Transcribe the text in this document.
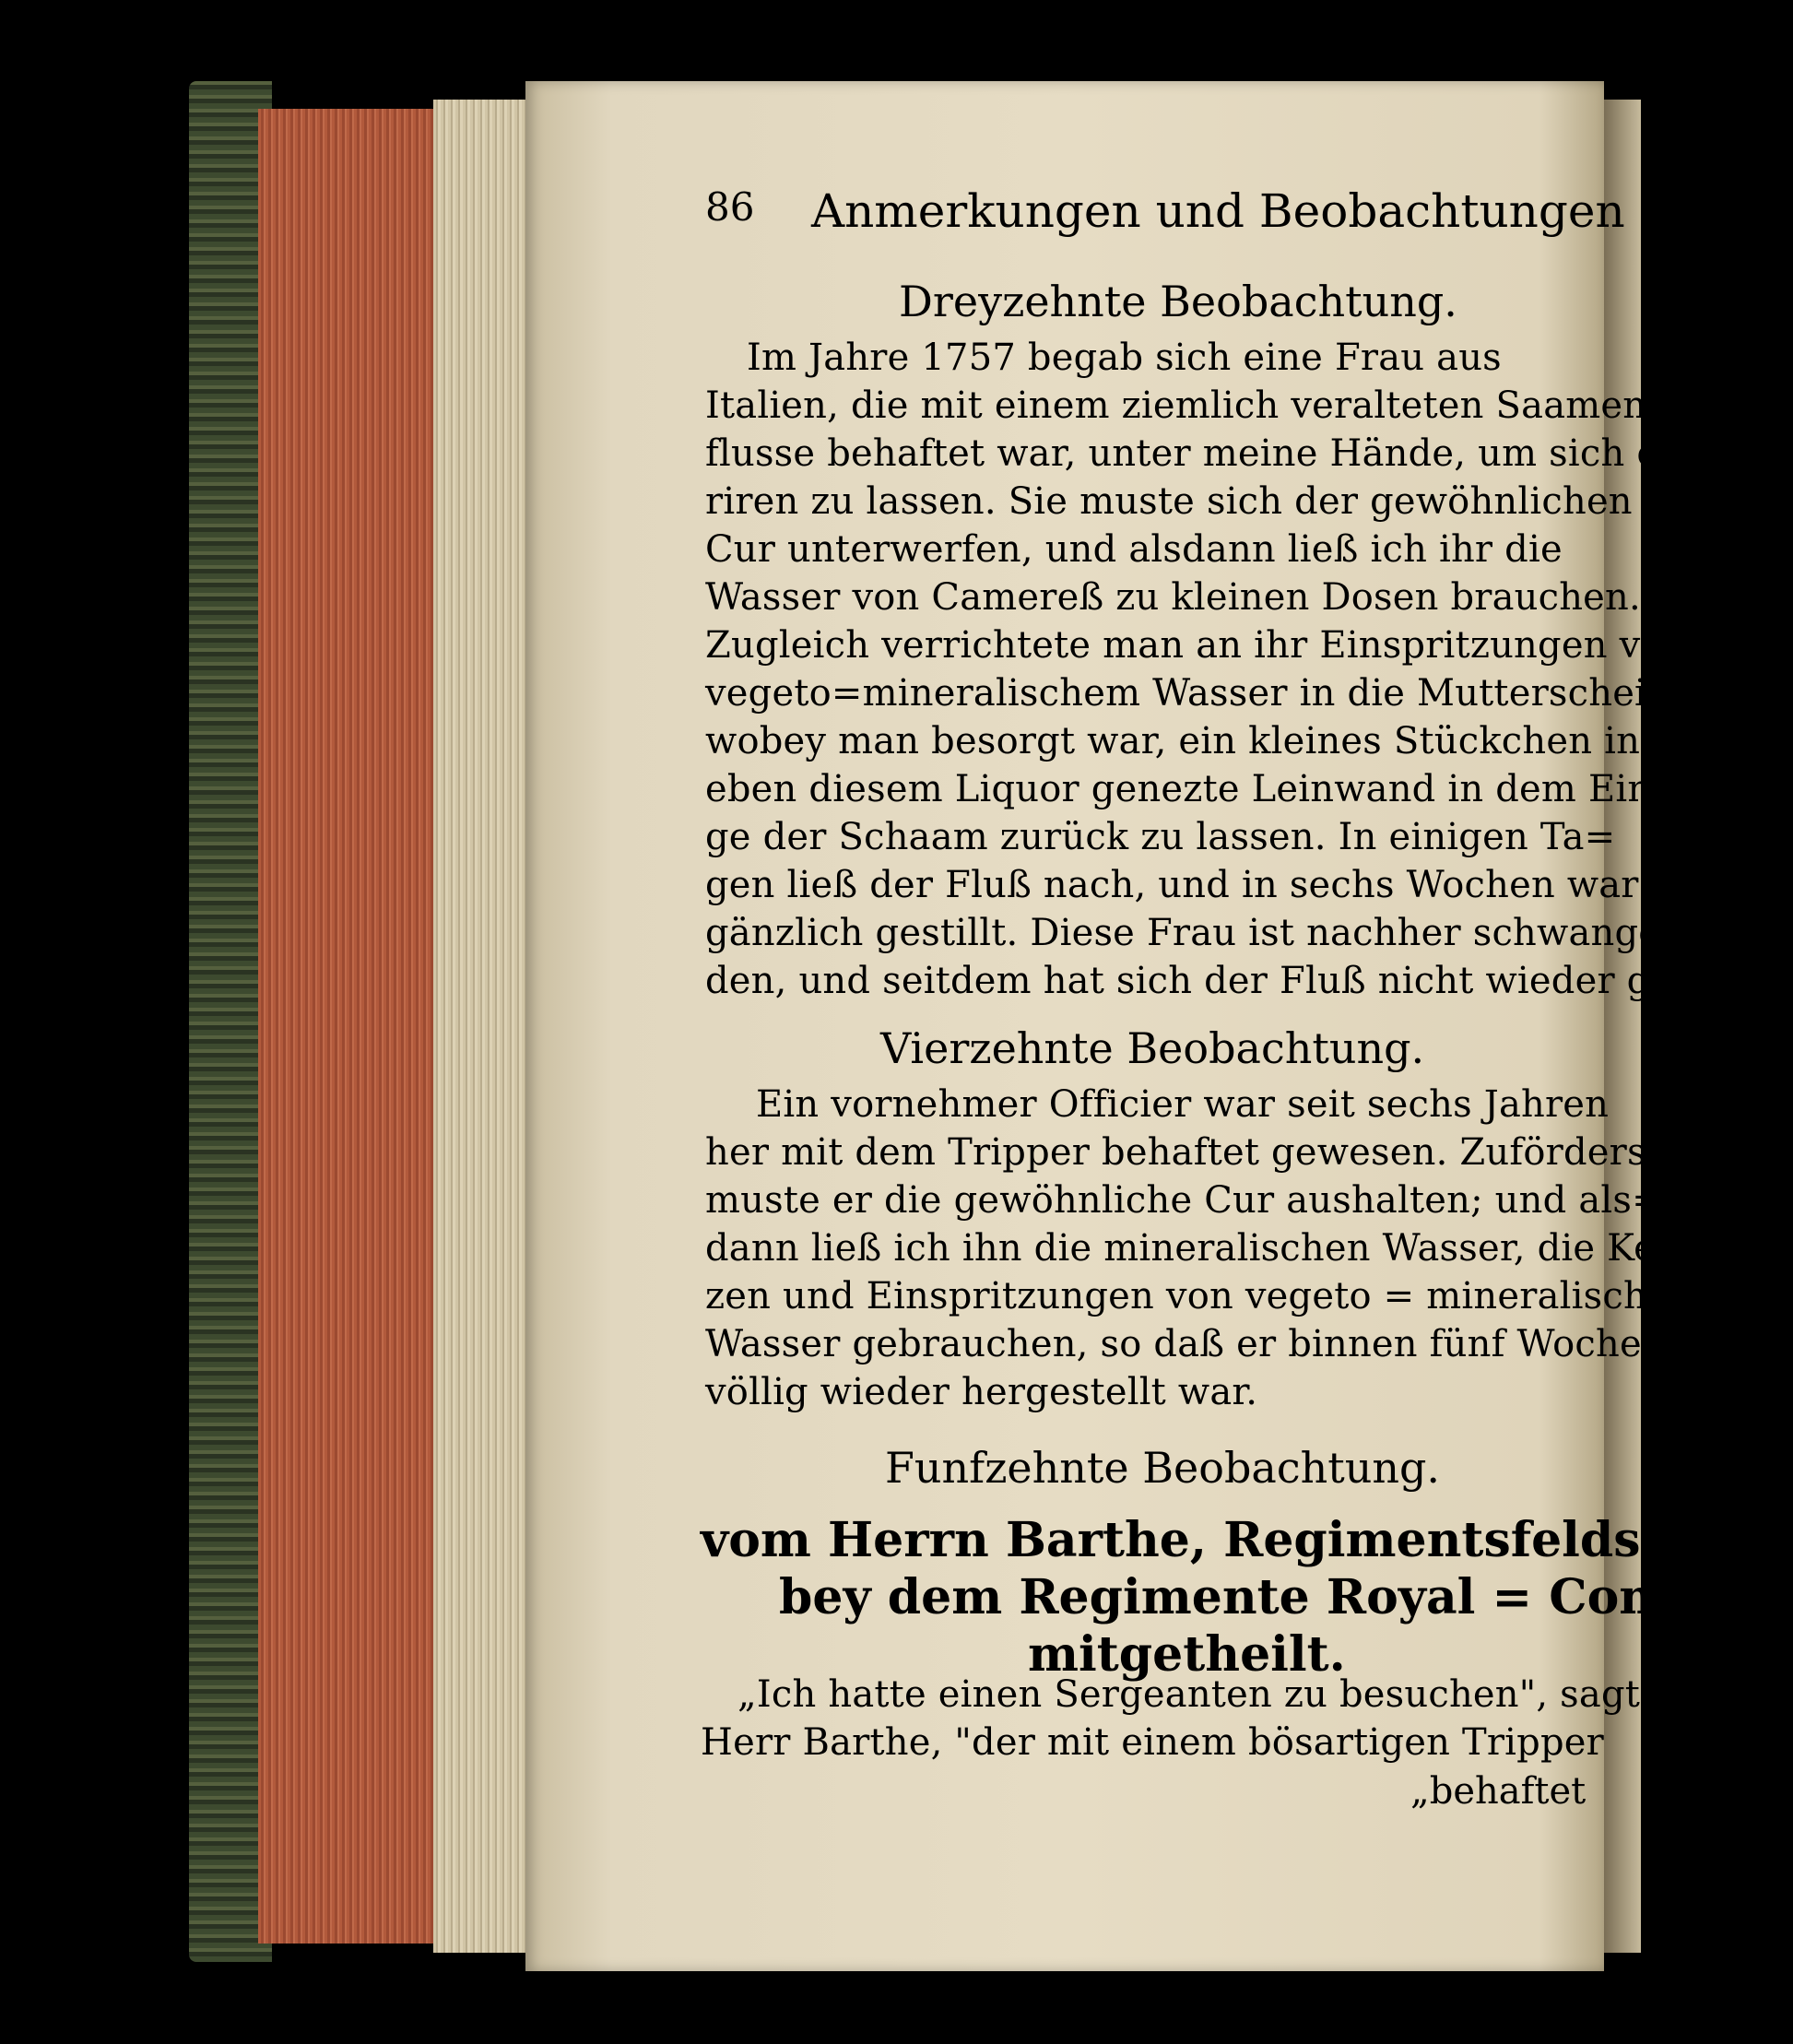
86 Anmerkungen und Beobachtungen
Dreyzehnte Beobachtung.
Im Jahre 1757 begab sich eine Frau aus
Italien, die mit einem ziemlich veralteten Saamen=
flusse behaftet war, unter meine Hände, um sich cu=
riren zu lassen. Sie muste sich der gewöhnlichen
Cur unterwerfen, und alsdann ließ ich ihr die
Wasser von Camereß zu kleinen Dosen brauchen.
Zugleich verrichtete man an ihr Einspritzungen von
vegeto=mineralischem Wasser in die Mutterscheide;
wobey man besorgt war, ein kleines Stückchen in
eben diesem Liquor genezte Leinwand in dem Eingan=
ge der Schaam zurück zu lassen. In einigen Ta=
gen ließ der Fluß nach, und in sechs Wochen war er
gänzlich gestillt. Diese Frau ist nachher schwanger wor=
den, und seitdem hat sich der Fluß nicht wieder gezeigt.
Vierzehnte Beobachtung.
Ein vornehmer Officier war seit sechs Jahren
her mit dem Tripper behaftet gewesen. Zuförderst
muste er die gewöhnliche Cur aushalten; und als=
dann ließ ich ihn die mineralischen Wasser, die Ker=
zen und Einspritzungen von vegeto = mineralischem
Wasser gebrauchen, so daß er binnen fünf Wochen
völlig wieder hergestellt war.
Funfzehnte Beobachtung.
vom Herrn Barthe, Regimentsfeldscheer
bey dem Regimente Royal = Comtois,
mitgetheilt.
„Ich hatte einen Sergeanten zu besuchen", sagt
Herr Barthe, "der mit einem bösartigen Tripper
„behaftet
